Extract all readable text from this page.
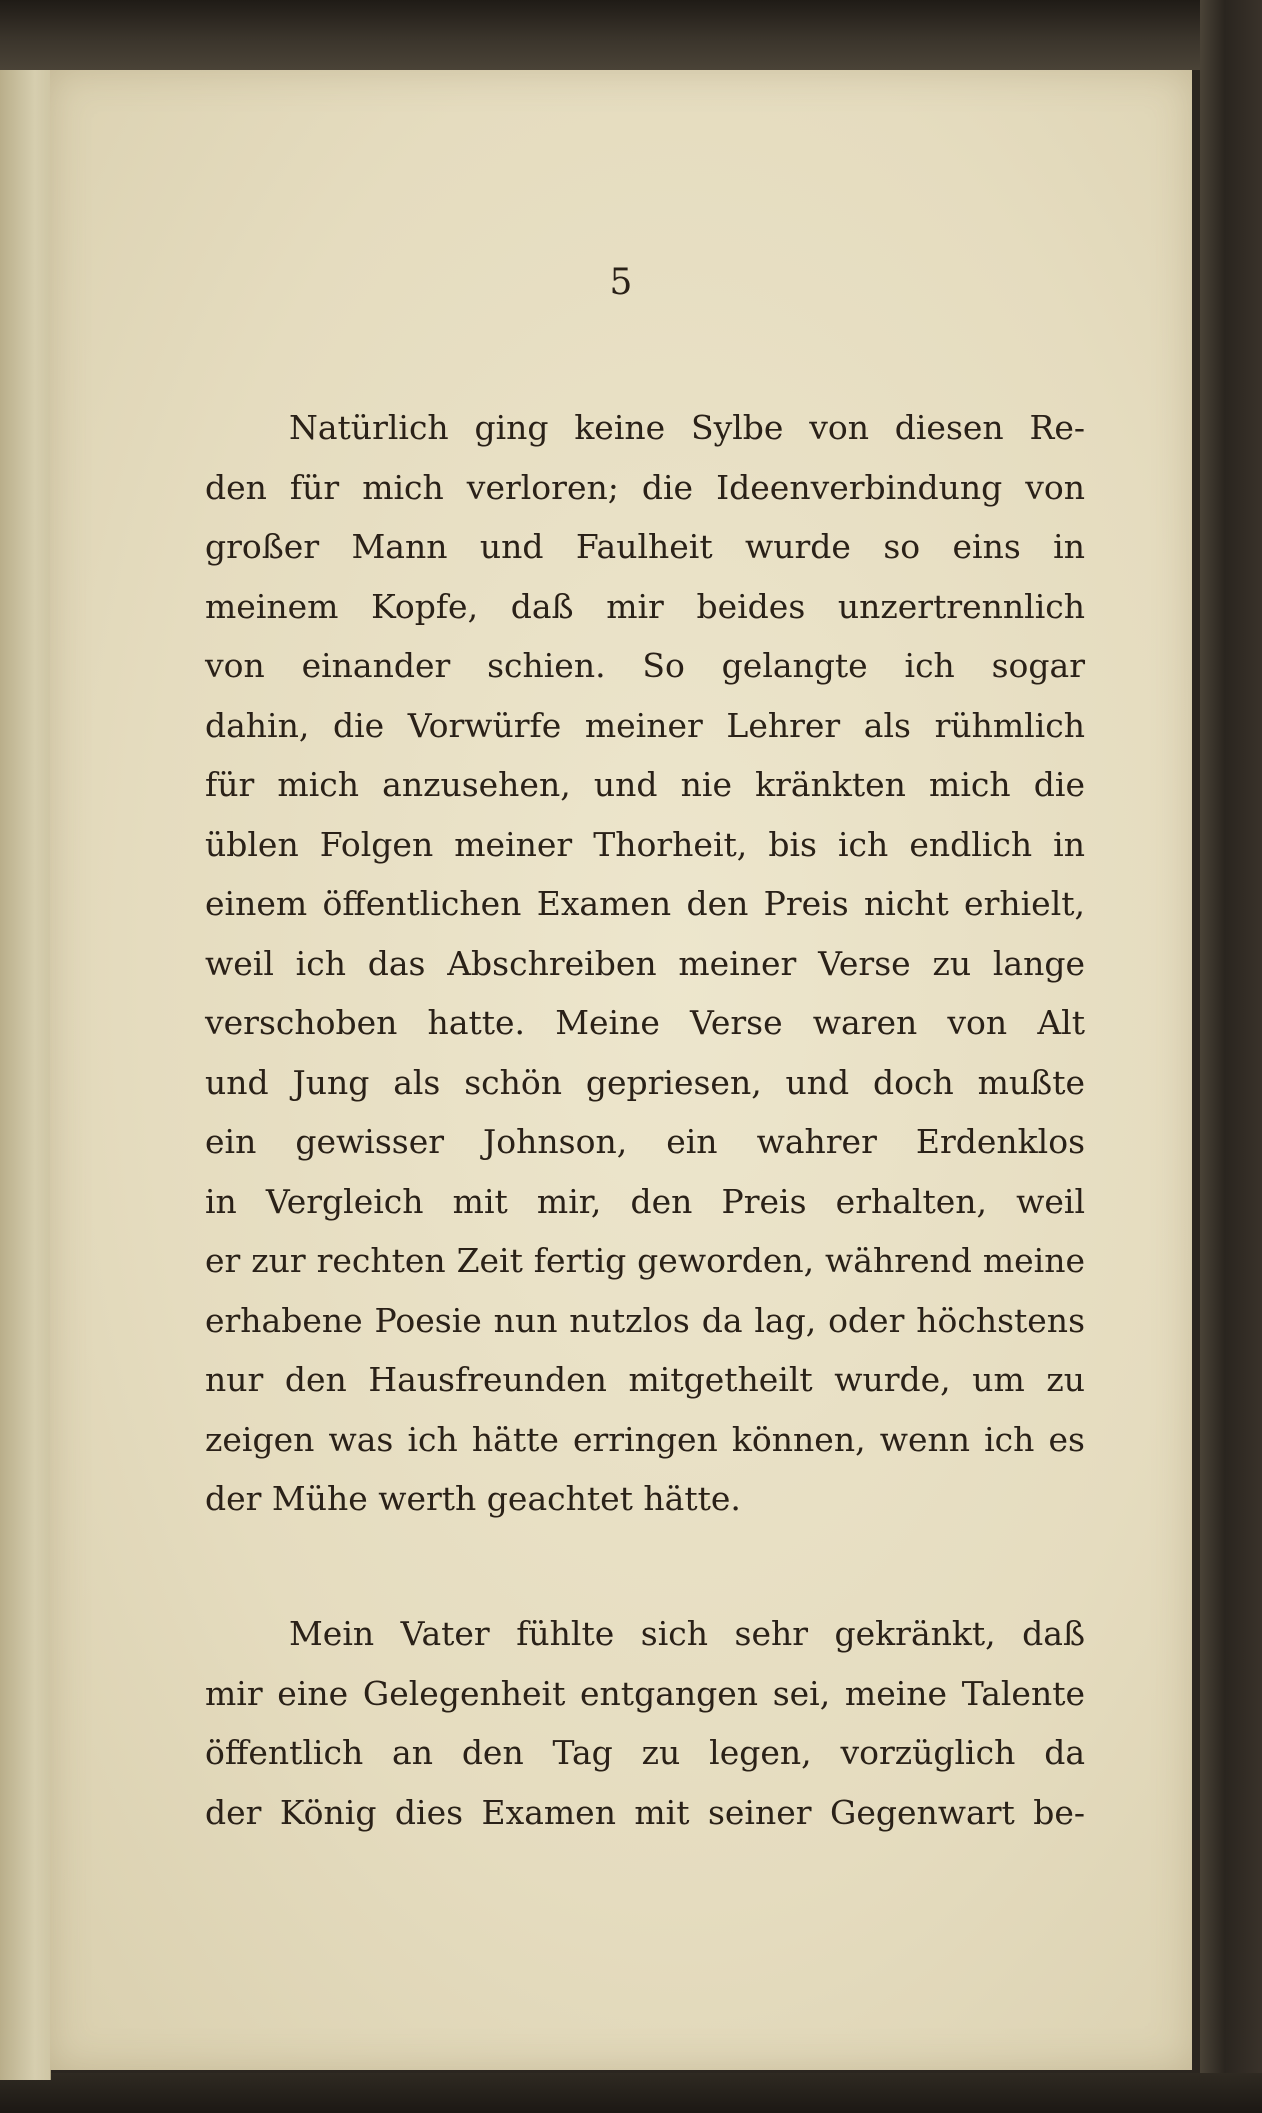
5
Natürlich ging keine Sylbe von diesen Re-
den für mich verloren; die Ideenverbindung von
großer Mann und Faulheit wurde so eins in
meinem Kopfe, daß mir beides unzertrennlich
von einander schien. So gelangte ich sogar
dahin, die Vorwürfe meiner Lehrer als rühmlich
für mich anzusehen, und nie kränkten mich die
üblen Folgen meiner Thorheit, bis ich endlich in
einem öffentlichen Examen den Preis nicht erhielt,
weil ich das Abschreiben meiner Verse zu lange
verschoben hatte. Meine Verse waren von Alt
und Jung als schön gepriesen, und doch mußte
ein gewisser Johnson, ein wahrer Erdenklos
in Vergleich mit mir, den Preis erhalten, weil
er zur rechten Zeit fertig geworden, während meine
erhabene Poesie nun nutzlos da lag, oder höchstens
nur den Hausfreunden mitgetheilt wurde, um zu
zeigen was ich hätte erringen können, wenn ich es
der Mühe werth geachtet hätte.
Mein Vater fühlte sich sehr gekränkt, daß
mir eine Gelegenheit entgangen sei, meine Talente
öffentlich an den Tag zu legen, vorzüglich da
der König dies Examen mit seiner Gegenwart be-
